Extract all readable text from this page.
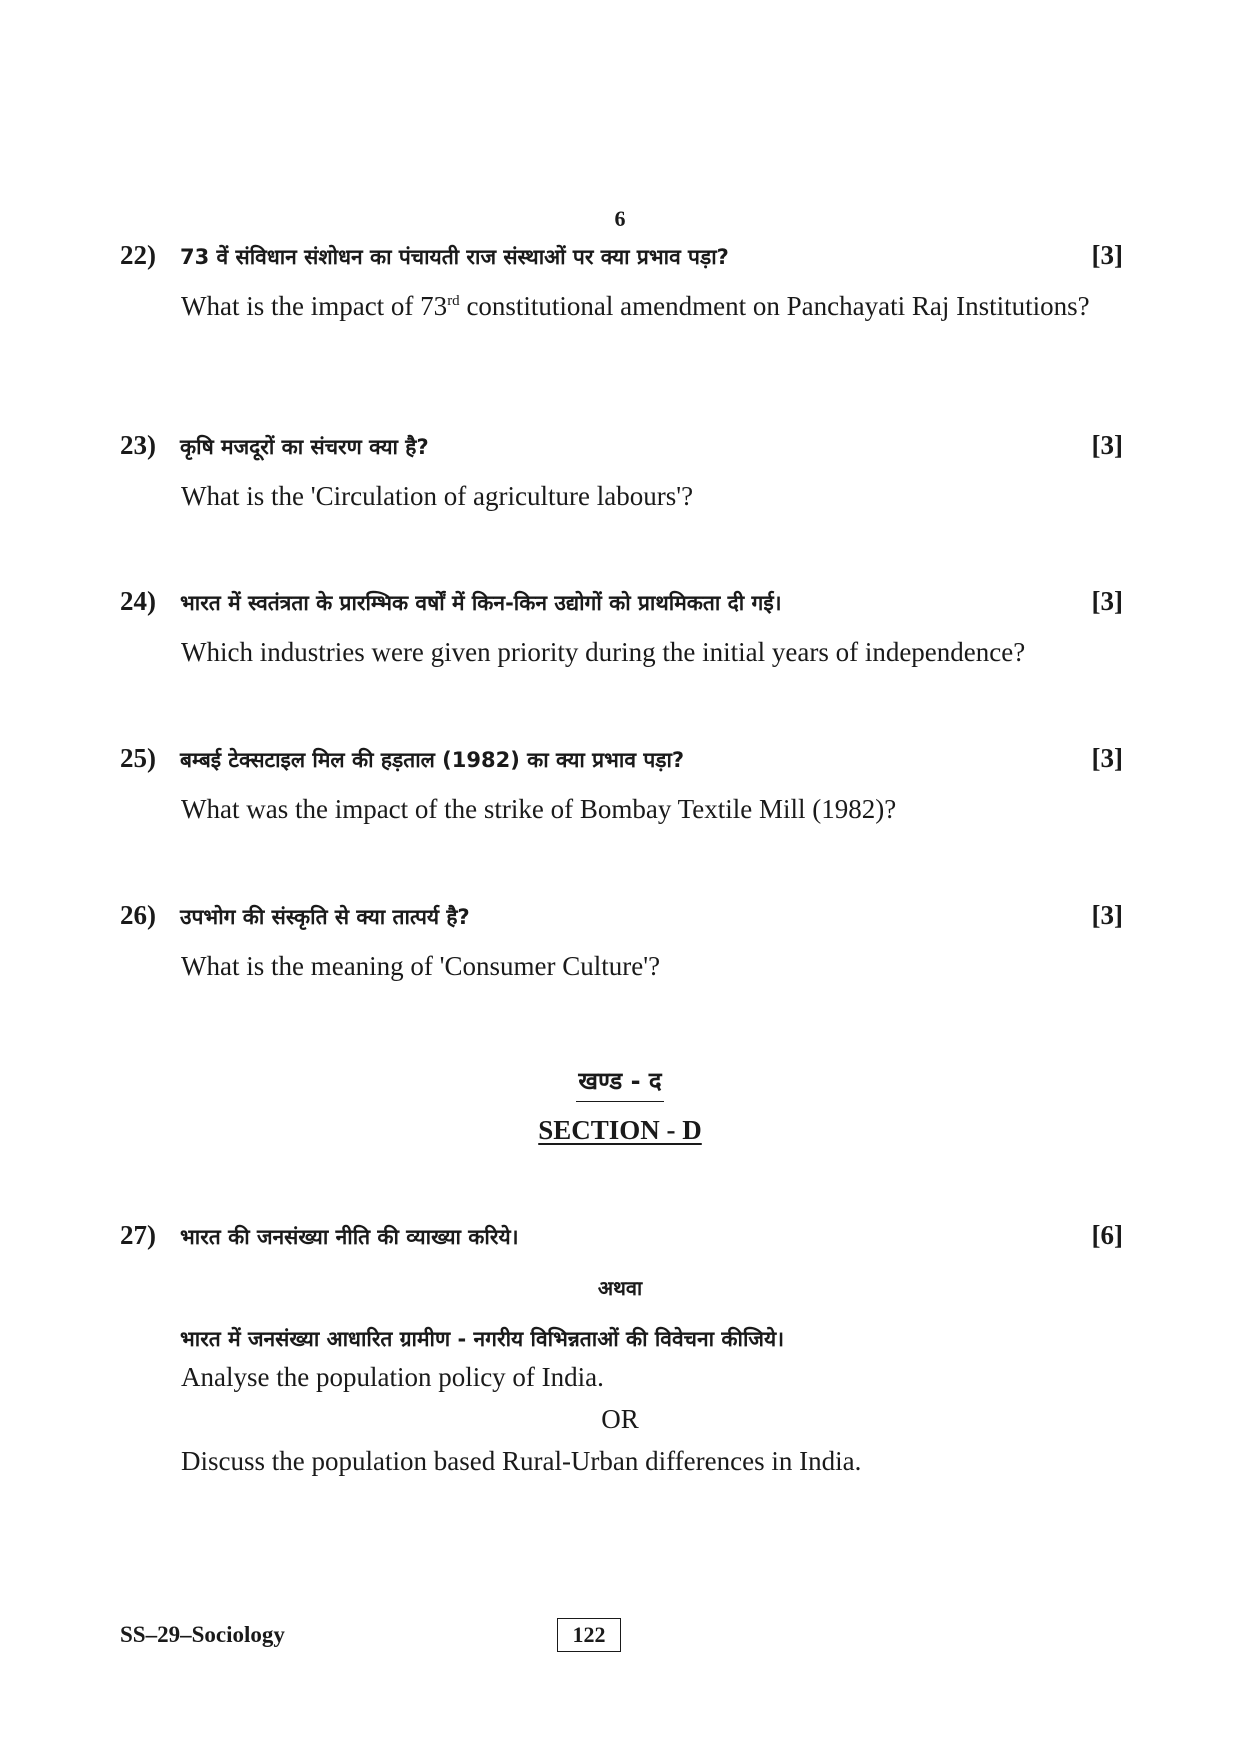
6
22) 73 वें संविधान संशोधन का पंचायती राज संस्थाओं पर क्या प्रभाव पड़ा?	[3]
What is the impact of 73rd constitutional amendment on Panchayati Raj Institutions?
23) कृषि मजदूरों का संचरण क्या है?	[3]
What is the 'Circulation of agriculture labours'?
24) भारत में स्वतंत्रता के प्रारम्भिक वर्षों में किन-किन उद्योगों को प्राथमिकता दी गई।	[3]
Which industries were given priority during the initial years of independence?
25) बम्बई टेक्सटाइल मिल की हड़ताल (1982) का क्या प्रभाव पड़ा?	[3]
What was the impact of the strike of Bombay Textile Mill (1982)?
26) उपभोग की संस्कृति से क्या तात्पर्य है?	[3]
What is the meaning of 'Consumer Culture'?
खण्ड - द
SECTION - D
27) भारत की जनसंख्या नीति की व्याख्या करिये।	[6]
अथवा
भारत में जनसंख्या आधारित ग्रामीण - नगरीय विभिन्नताओं की विवेचना कीजिये।
Analyse the population policy of India.
OR
Discuss the population based Rural-Urban differences in India.
SS–29–Sociology	122
